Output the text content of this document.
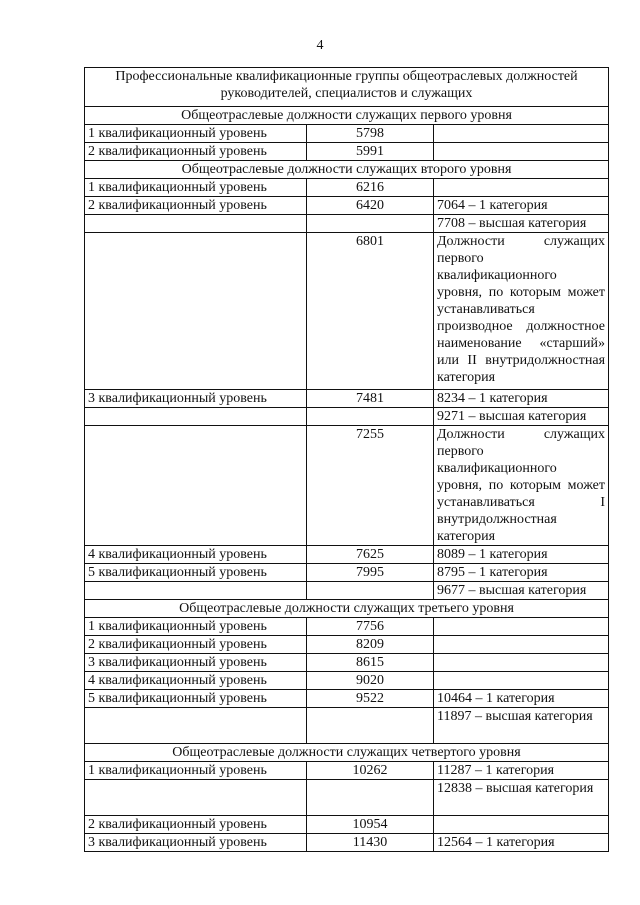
4
Профессиональные квалификационные группы общеотраслевых должностей руководителей, специалистов и служащих		
Общеотраслевые должности служащих первого уровня		
1 квалификационный уровень	5798	
2 квалификационный уровень	5991	
Общеотраслевые должности служащих второго уровня		
1 квалификационный уровень	6216	
2 квалификационный уровень	6420	7064 – 1 категория
		7708 – высшая категория
	6801	Должности служащих первого квалификационного уровня, по которым может устанавливаться производное должностное наименование «старший» или II внутридолжностная категория
3 квалификационный уровень	7481	8234 – 1 категория
		9271 – высшая категория
	7255	Должности служащих первого квалификационного уровня, по которым может устанавливаться I внутридолжностная категория
4 квалификационный уровень	7625	8089 – 1 категория
5 квалификационный уровень	7995	8795 – 1 категория
		9677 – высшая категория
Общеотраслевые должности служащих третьего уровня		
1 квалификационный уровень	7756	
2 квалификационный уровень	8209	
3 квалификационный уровень	8615	
4 квалификационный уровень	9020	
5 квалификационный уровень	9522	10464 – 1 категория
		11897 – высшая категория
Общеотраслевые должности служащих четвертого уровня		
1 квалификационный уровень	10262	11287 – 1 категория
		12838 – высшая категория
2 квалификационный уровень	10954	
3 квалификационный уровень	11430	12564 – 1 категория
